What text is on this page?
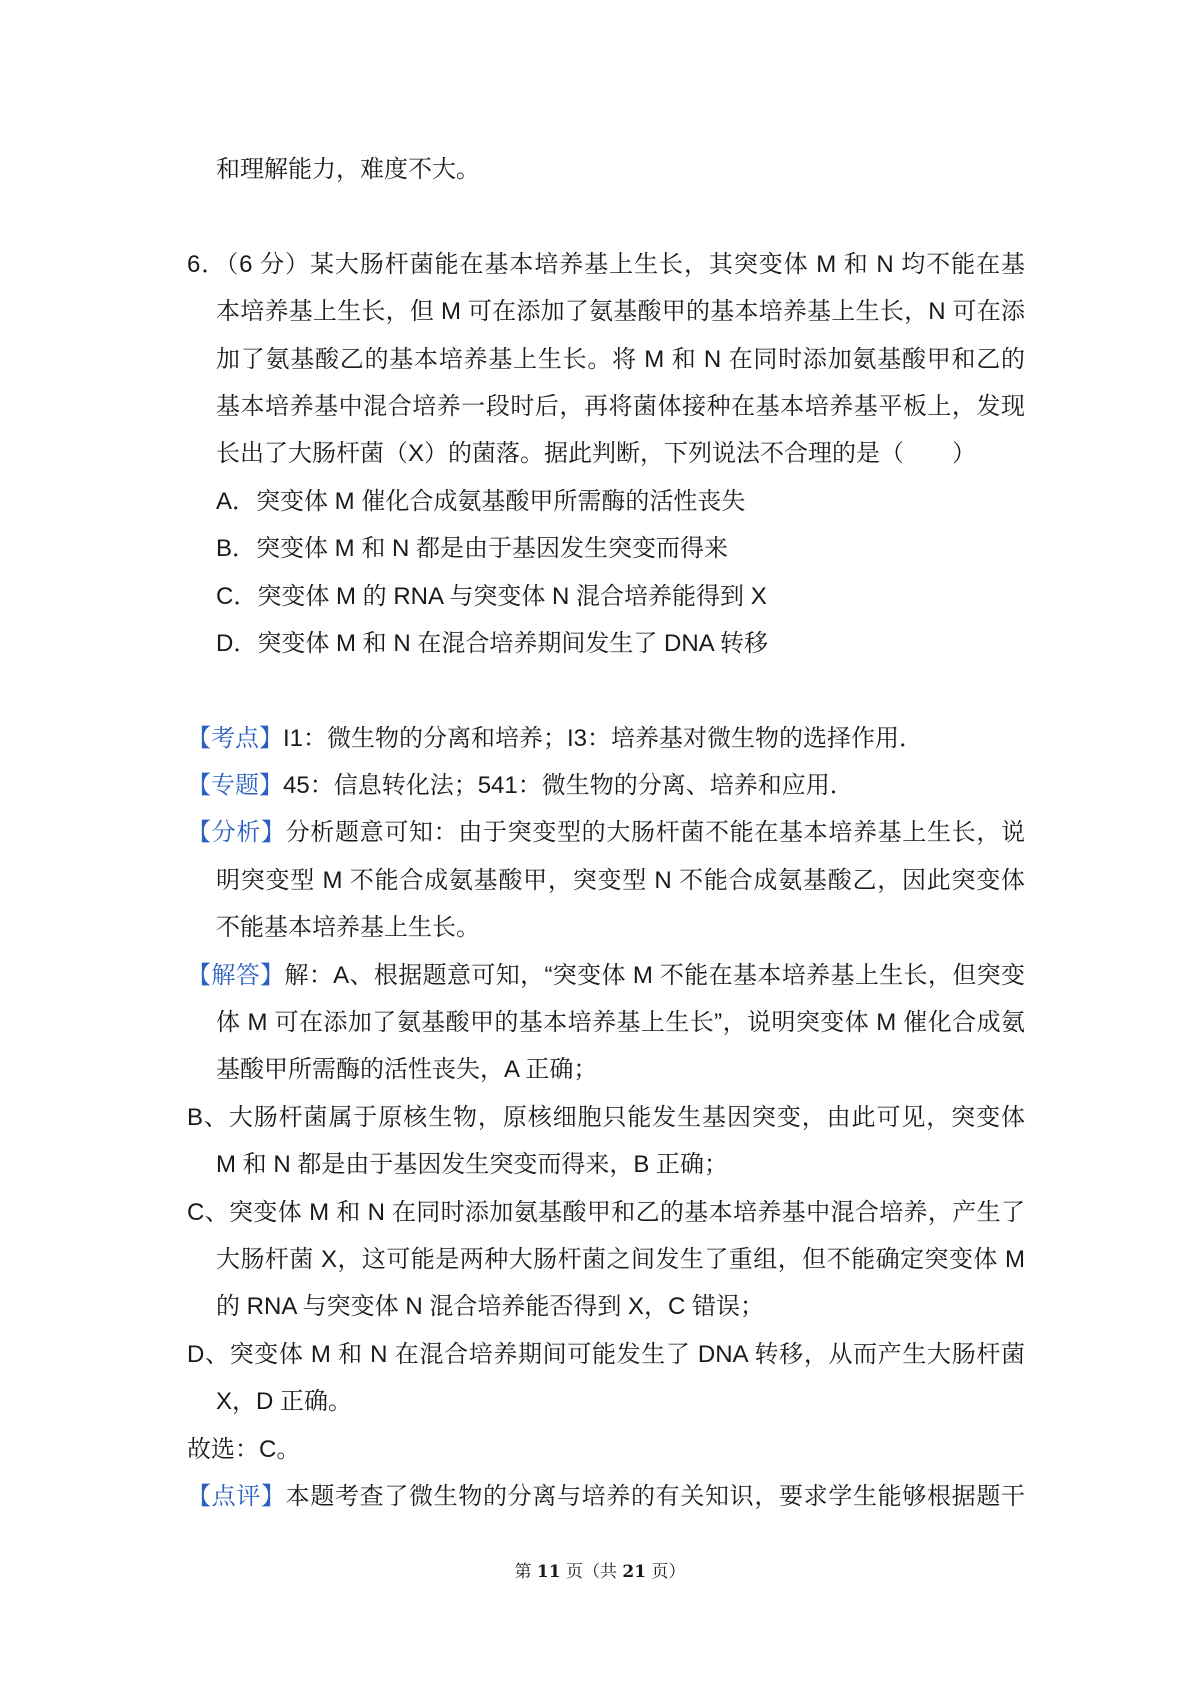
和理解能力，难度不大。
6．（6 分）某大肠杆菌能在基本培养基上生长，其突变体 M 和 N 均不能在基
本培养基上生长，但 M 可在添加了氨基酸甲的基本培养基上生长，N 可在添
加了氨基酸乙的基本培养基上生长。将 M 和 N 在同时添加氨基酸甲和乙的
基本培养基中混合培养一段时后，再将菌体接种在基本培养基平板上，发现
长出了大肠杆菌（X）的菌落。据此判断，下列说法不合理的是（　　）
A．突变体 M 催化合成氨基酸甲所需酶的活性丧失
B．突变体 M 和 N 都是由于基因发生突变而得来
C．突变体 M 的 RNA 与突变体 N 混合培养能得到 X
D．突变体 M 和 N 在混合培养期间发生了 DNA 转移
【考点】I1：微生物的分离和培养；I3：培养基对微生物的选择作用．
【专题】45：信息转化法；541：微生物的分离、培养和应用．
【分析】分析题意可知：由于突变型的大肠杆菌不能在基本培养基上生长，说
明突变型 M 不能合成氨基酸甲，突变型 N 不能合成氨基酸乙，因此突变体
不能基本培养基上生长。
【解答】解：A、根据题意可知，“突变体 M 不能在基本培养基上生长，但突变
体 M 可在添加了氨基酸甲的基本培养基上生长”，说明突变体 M 催化合成氨
基酸甲所需酶的活性丧失，A 正确；
B、大肠杆菌属于原核生物，原核细胞只能发生基因突变，由此可见，突变体
M 和 N 都是由于基因发生突变而得来，B 正确；
C、突变体 M 和 N 在同时添加氨基酸甲和乙的基本培养基中混合培养，产生了
大肠杆菌 X，这可能是两种大肠杆菌之间发生了重组，但不能确定突变体 M
的 RNA 与突变体 N 混合培养能否得到 X，C 错误；
D、突变体 M 和 N 在混合培养期间可能发生了 DNA 转移，从而产生大肠杆菌
X，D 正确。
故选：C。
【点评】本题考查了微生物的分离与培养的有关知识，要求学生能够根据题干
第 11 页（共 21 页）
